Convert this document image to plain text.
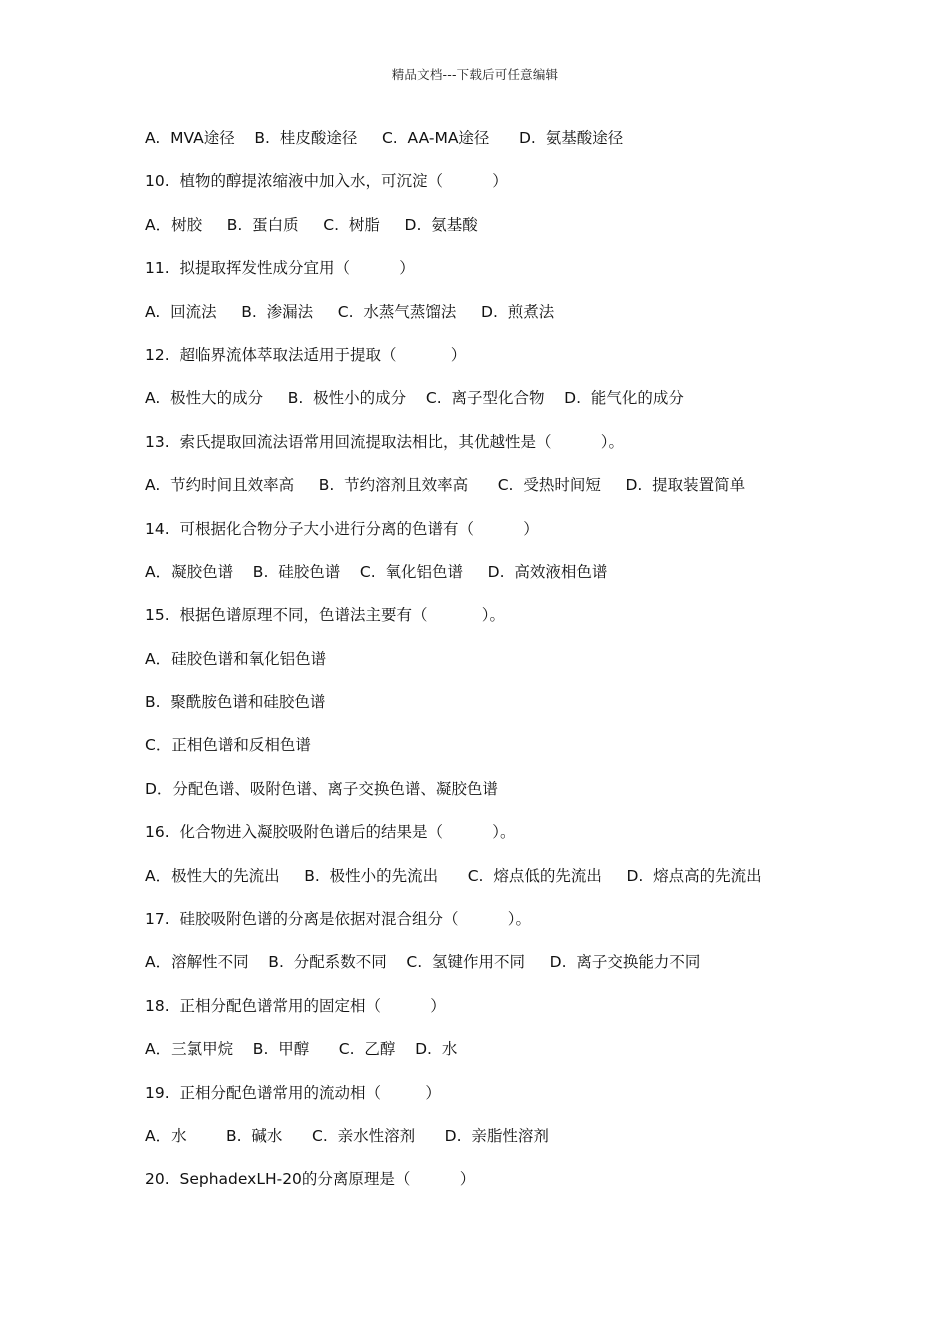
精品文档---下载后可任意编辑
A.  MVA途径    B.  桂皮酸途径     C.  AA-MA途径      D.  氨基酸途径
10.  植物的醇提浓缩液中加入水，可沉淀（          ）
A．树胶     B.  蛋白质     C.  树脂     D.  氨基酸
11.  拟提取挥发性成分宜用（          ）
A.  回流法     B.  渗漏法     C.  水蒸气蒸馏法     D.  煎煮法
12.  超临界流体萃取法适用于提取（           ）
A.  极性大的成分     B.  极性小的成分    C.  离子型化合物    D.  能气化的成分
13.  索氏提取回流法语常用回流提取法相比，其优越性是（          ）。
A.  节约时间且效率高     B.  节约溶剂且效率高      C.  受热时间短     D.  提取装置简单
14.  可根据化合物分子大小进行分离的色谱有（          ）
A．凝胶色谱    B.  硅胶色谱    C.  氧化铝色谱     D.  高效液相色谱
15.  根据色谱原理不同，色谱法主要有（           ）。
A．硅胶色谱和氧化铝色谱
B.  聚酰胺色谱和硅胶色谱
C．正相色谱和反相色谱
D．分配色谱、吸附色谱、离子交换色谱、凝胶色谱
16.  化合物进入凝胶吸附色谱后的结果是（          ）。
A．极性大的先流出     B.  极性小的先流出      C.  熔点低的先流出     D.  熔点高的先流出
17.  硅胶吸附色谱的分离是依据对混合组分（          ）。
A．溶解性不同    B.  分配系数不同    C.  氢键作用不同     D.  离子交换能力不同
18.  正相分配色谱常用的固定相（          ）
A．三氯甲烷    B.  甲醇      C.  乙醇    D.  水
19.  正相分配色谱常用的流动相（         ）
A．水        B.  碱水      C.  亲水性溶剂      D.  亲脂性溶剂
20.  SephadexLH-20的分离原理是（          ）
